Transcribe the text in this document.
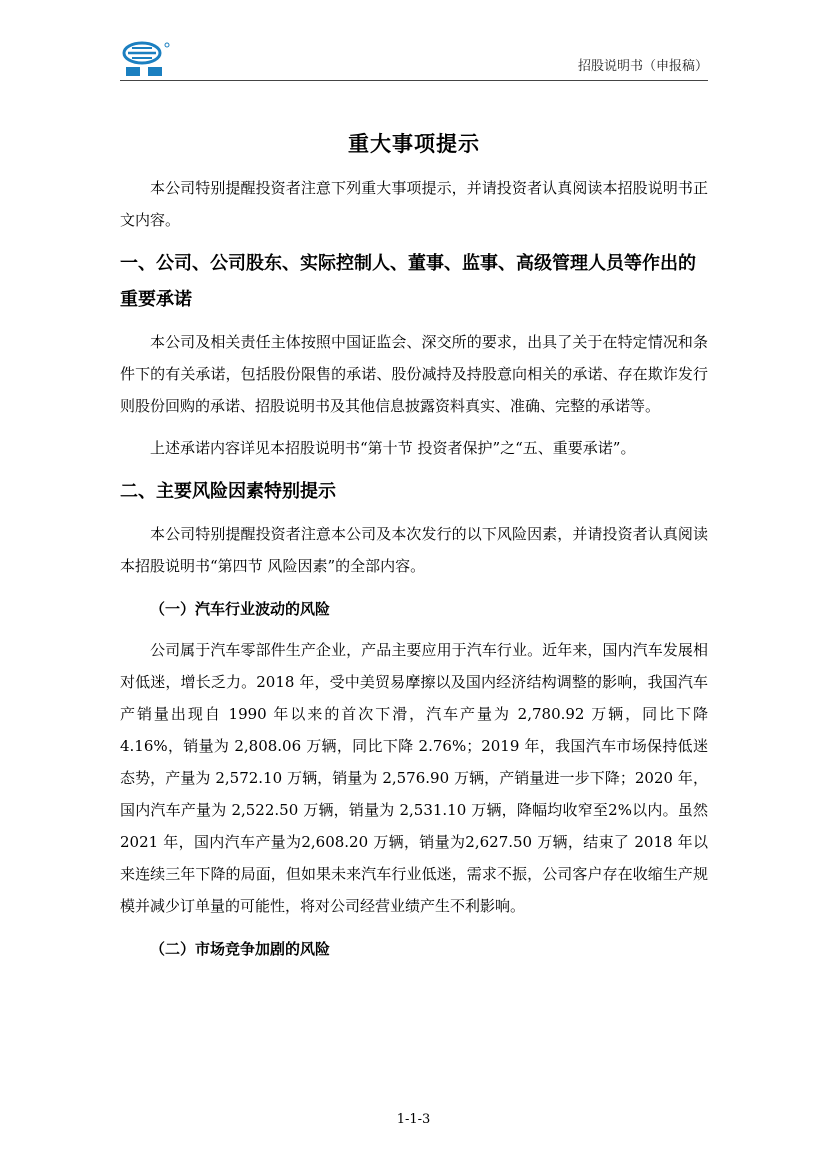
招股说明书（申报稿）
重大事项提示

本公司特别提醒投资者注意下列重大事项提示，并请投资者认真阅读本招股说明书正文内容。

一、公司、公司股东、实际控制人、董事、监事、高级管理人员等作出的重要承诺

本公司及相关责任主体按照中国证监会、深交所的要求，出具了关于在特定情况和条件下的有关承诺，包括股份限售的承诺、股份减持及持股意向相关的承诺、存在欺诈发行则股份回购的承诺、招股说明书及其他信息披露资料真实、准确、完整的承诺等。

上述承诺内容详见本招股说明书“第十节 投资者保护”之“五、重要承诺”。

二、主要风险因素特别提示

本公司特别提醒投资者注意本公司及本次发行的以下风险因素，并请投资者认真阅读本招股说明书“第四节 风险因素”的全部内容。

（一）汽车行业波动的风险

公司属于汽车零部件生产企业，产品主要应用于汽车行业。近年来，国内汽车发展相对低迷，增长乏力。2018 年，受中美贸易摩擦以及国内经济结构调整的影响，我国汽车产销量出现自 1990 年以来的首次下滑，汽车产量为 2,780.92 万辆，同比下降 4.16%，销量为 2,808.06 万辆，同比下降 2.76%；2019 年，我国汽车市场保持低迷态势，产量为 2,572.10 万辆，销量为 2,576.90 万辆，产销量进一步下降；2020 年，国内汽车产量为 2,522.50 万辆，销量为 2,531.10 万辆，降幅均收窄至2%以内。虽然2021 年，国内汽车产量为2,608.20 万辆，销量为2,627.50 万辆，结束了 2018 年以来连续三年下降的局面，但如果未来汽车行业低迷，需求不振，公司客户存在收缩生产规模并减少订单量的可能性，将对公司经营业绩产生不利影响。

（二）市场竞争加剧的风险
1-1-3
